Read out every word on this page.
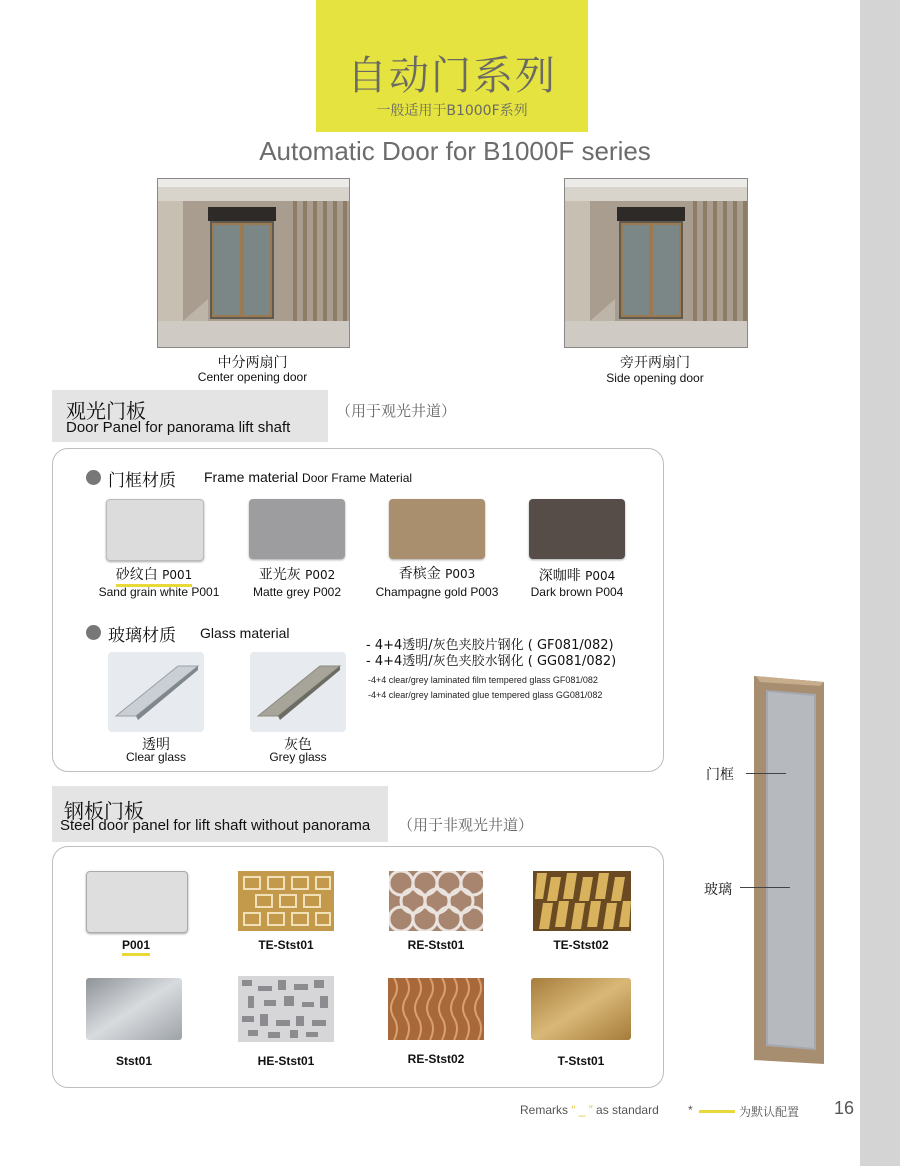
自动门系列
一般适用于B1000F系列
Automatic Door for B1000F series
中分两扇门
Center opening door
旁开两扇门
Side opening door
观光门板
Door Panel for panorama lift shaft
（用于观光井道）
门框材质 Frame material Door Frame Material
砂纹白 P001
Sand grain white P001
亚光灰 P002
Matte grey P002
香槟金 P003
Champagne gold P003
深咖啡 P004
Dark brown P004
玻璃材质 Glass material
透明
Clear glass
灰色
Grey glass
- 4+4透明/灰色夹胶片钢化 ( GF081/082)
- 4+4透明/灰色夹胶水钢化 ( GG081/082)
-4+4 clear/grey laminated film tempered glass GF081/082
-4+4 clear/grey laminated glue tempered glass GG081/082
钢板门板
Steel door panel for lift shaft without panorama （用于非观光井道）
P001	TE-Stst01	RE-Stst01	TE-Stst02
Stst01	HE-Stst01	RE-Stst02	T-Stst01
门框
玻璃
Remarks “ _ ” as standard *	为默认配置 16
